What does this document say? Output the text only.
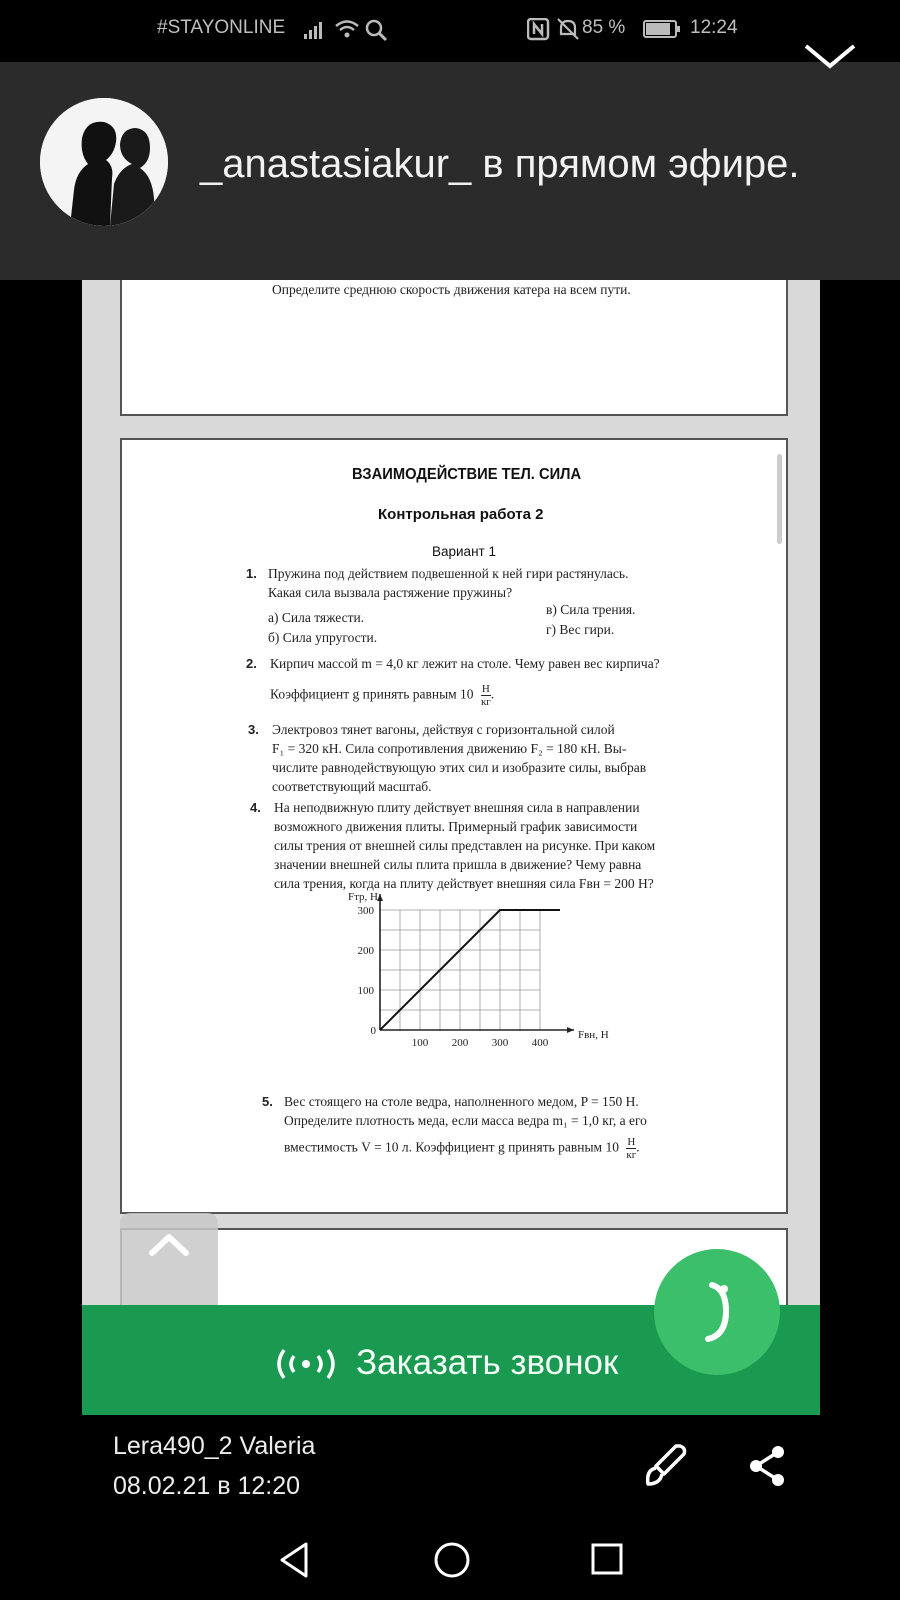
#STAYONLINE	85 %	12:24
_anastasiakur_ в прямом эфире.
Определите среднюю скорость движения катера на всем пути.
ВЗАИМОДЕЙСТВИЕ ТЕЛ. СИЛА
Контрольная работа 2
Вариант 1
1. Пружина под действием подвешенной к ней гири растянулась.
Какая сила вызвала растяжение пружины?
а) Сила тяжести.
б) Сила упругости.
в) Сила трения.
г) Вес гири.
2. Кирпич массой m = 4,0 кг лежит на столе. Чему равен вес кирпича?
Коэффициент g принять равным 10 Н
кг
.
3. Электровоз тянет вагоны, действуя с горизонтальной силой
F₁ = 320 кН. Сила сопротивления движению F₂ = 180 кН. Вы-
числите равнодействующую этих сил и изобразите силы, выбрав
соответствующий масштаб.
4. На неподвижную плиту действует внешняя сила в направлении
возможного движения плиты. Примерный график зависимости
силы трения от внешней силы представлен на рисунке. При каком
значении внешней силы плита пришла в движение? Чему равна
сила трения, когда на плиту действует внешняя сила Fвн = 200 Н?
100 200 300 400
100
200
300
0
Fтр, Н
Fвн, Н
5. Вес стоящего на столе ведра, наполненного медом, P = 150 Н.
Определите плотность меда, если масса ведра m₁ = 1,0 кг, а его
вместимость V = 10 л. Коэффициент g принять равным 10 Н
кг
.
Заказать звонок
Lera490_2 Valeria
08.02.21 в 12:20
